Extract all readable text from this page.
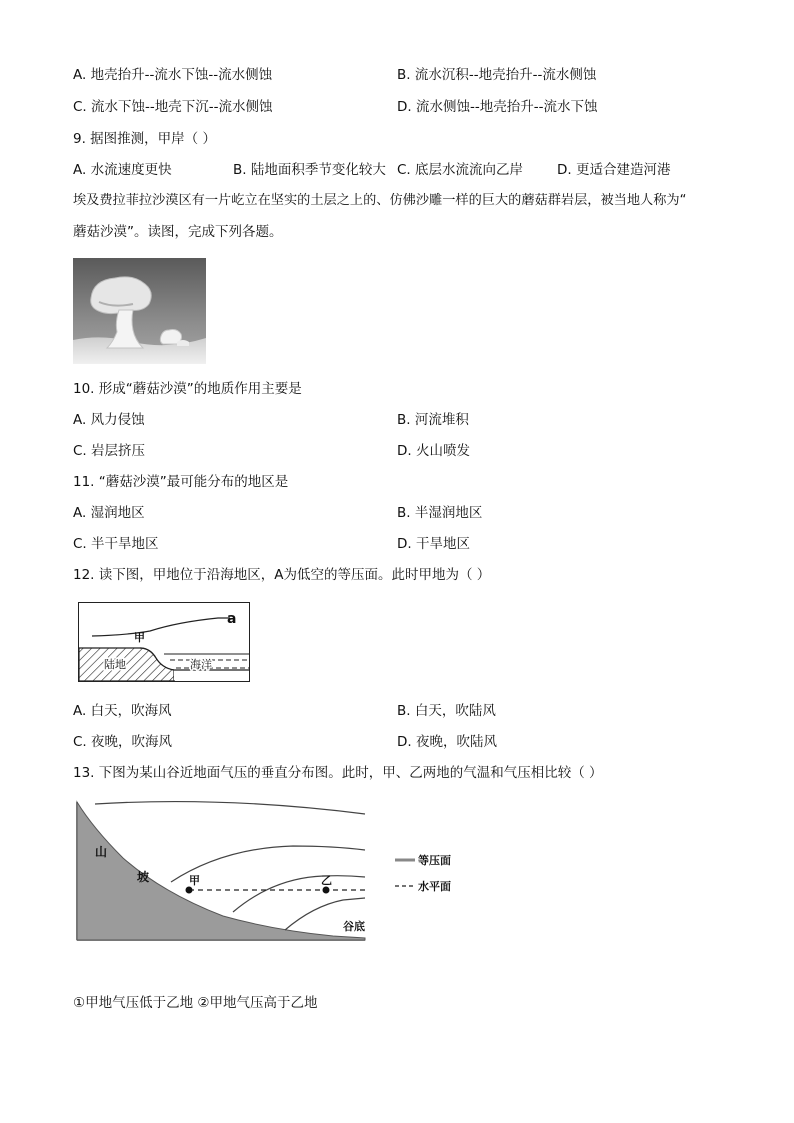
A. 地壳抬升--流水下蚀--流水侧蚀	B. 流水沉积--地壳抬升--流水侧蚀
C. 流水下蚀--地壳下沉--流水侧蚀	D. 流水侧蚀--地壳抬升--流水下蚀
9. 据图推测，甲岸（ ）
A. 水流速度更快	B. 陆地面积季节变化较大 C. 底层水流流向乙岸	D. 更适合建造河港
埃及费拉菲拉沙漠区有一片屹立在坚实的土层之上的、仿佛沙雕一样的巨大的蘑菇群岩层，被当地人称为“
蘑菇沙漠”。读图，完成下列各题。
10. 形成“蘑菇沙漠”的地质作用主要是
A. 风力侵蚀	B. 河流堆积
C. 岩层挤压	D. 火山喷发
11. “蘑菇沙漠”最可能分布的地区是
A. 湿润地区	B. 半湿润地区
C. 半干旱地区	D. 干旱地区
12. 读下图，甲地位于沿海地区，A为低空的等压面。此时甲地为（ ）
a
甲
陆地	海洋
A. 白天，吹海风	B. 白天，吹陆风
C. 夜晚，吹海风	D. 夜晚，吹陆风
13. 下图为某山谷近地面气压的垂直分布图。此时，甲、乙两地的气温和气压相比较（ ）
山
坡	甲	乙
谷底
等压面
水平面
①甲地气压低于乙地 ②甲地气压高于乙地
